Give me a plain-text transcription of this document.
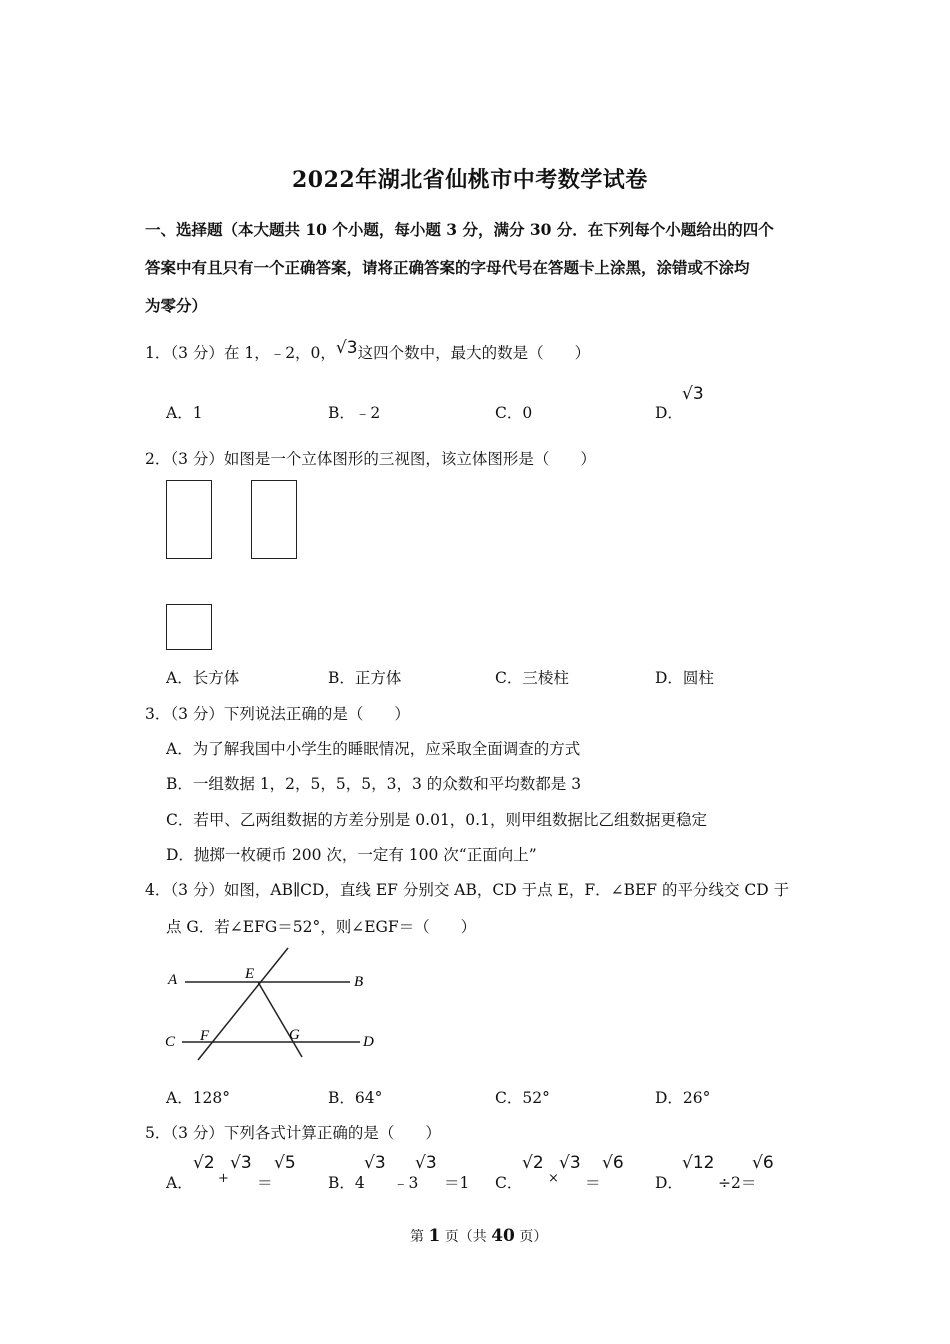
2022年湖北省仙桃市中考数学试卷
一、选择题（本大题共 10 个小题，每小题 3 分，满分 30 分．在下列每个小题给出的四个
答案中有且只有一个正确答案，请将正确答案的字母代号在答题卡上涂黑，涂错或不涂均
为零分）
1．（3 分）在 1，﹣2，0，√3这四个数中，最大的数是（　　）
A．1	B．﹣2	C．0	D．
√3
2．（3 分）如图是一个立体图形的三视图，该立体图形是（　　）
A．长方体	B．正方体	C．三棱柱	D．圆柱
3．（3 分）下列说法正确的是（　　）
A．为了解我国中小学生的睡眠情况，应采取全面调查的方式
B．一组数据 1，2，5，5，5，3，3 的众数和平均数都是 3
C．若甲、乙两组数据的方差分别是 0.01，0.1，则甲组数据比乙组数据更稳定
D．抛掷一枚硬币 200 次，一定有 100 次“正面向上”
4．（3 分）如图，AB∥CD，直线 EF 分别交 AB，CD 于点 E，F．∠BEF 的平分线交 CD 于
点 G．若∠EFG＝52°，则∠EGF＝（　　）
A	B
C	D
E
F	G
A．128°	B．64°	C．52°	D．26°
5．（3 分）下列各式计算正确的是（　　）
A．
√2
+
√3
＝
√5
B．4
√3
﹣3
√3
＝1 C．
√2
×
√3
＝
√6
D．
√12
÷2＝
√6
第 1 页（共 40 页）
